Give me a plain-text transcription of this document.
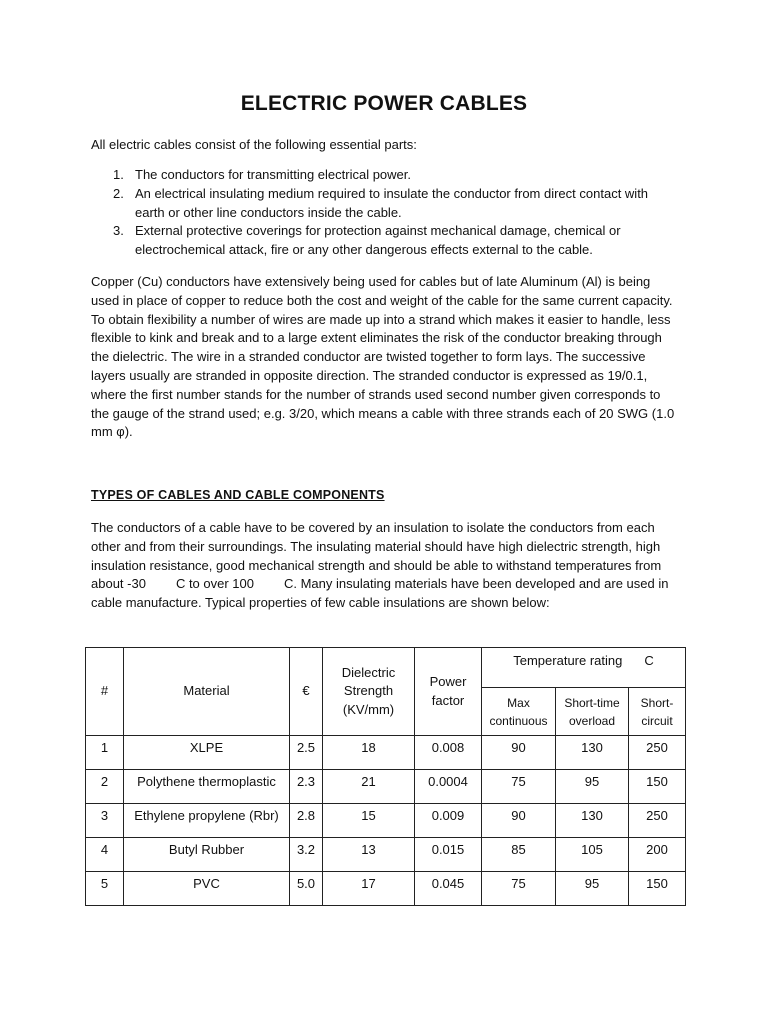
ELECTRIC POWER CABLES

All electric cables consist of the following essential parts:

1. The conductors for transmitting electrical power.
2. An electrical insulating medium required to insulate the conductor from direct contact with earth or other line conductors inside the cable.
3. External protective coverings for protection against mechanical damage, chemical or electrochemical attack, fire or any other dangerous effects external to the cable.

Copper (Cu) conductors have extensively being used for cables but of late Aluminum (Al) is being used in place of copper to reduce both the cost and weight of the cable for the same current capacity. To obtain flexibility a number of wires are made up into a strand which makes it easier to handle, less flexible to kink and break and to a large extent eliminates the risk of the conductor breaking through the dielectric. The wire in a stranded conductor are twisted together to form lays. The successive layers usually are stranded in opposite direction. The stranded conductor is expressed as 19/0.1, where the first number stands for the number of strands used second number given corresponds to the gauge of the strand used; e.g. 3/20, which means a cable with three strands each of 20 SWG (1.0 mm φ).

TYPES OF CABLES AND CABLE COMPONENTS

The conductors of a cable have to be covered by an insulation to isolate the conductors from each other and from their surroundings. The insulating material should have high dielectric strength, high insulation resistance, good mechanical strength and should be able to withstand temperatures from about -30 C to over 100 C. Many insulating materials have been developed and are used in cable manufacture. Typical properties of few cable insulations are shown below:

#	Material	€	Dielectric Strength (KV/mm)	Power factor	Temperature rating C		
					Max continuous	Short-time overload	Short-circuit
1	XLPE	2.5	18	0.008	90	130	250
2	Polythene thermoplastic	2.3	21	0.0004	75	95	150
3	Ethylene propylene (Rbr)	2.8	15	0.009	90	130	250
4	Butyl Rubber	3.2	13	0.015	85	105	200
5	PVC	5.0	17	0.045	75	95	150
